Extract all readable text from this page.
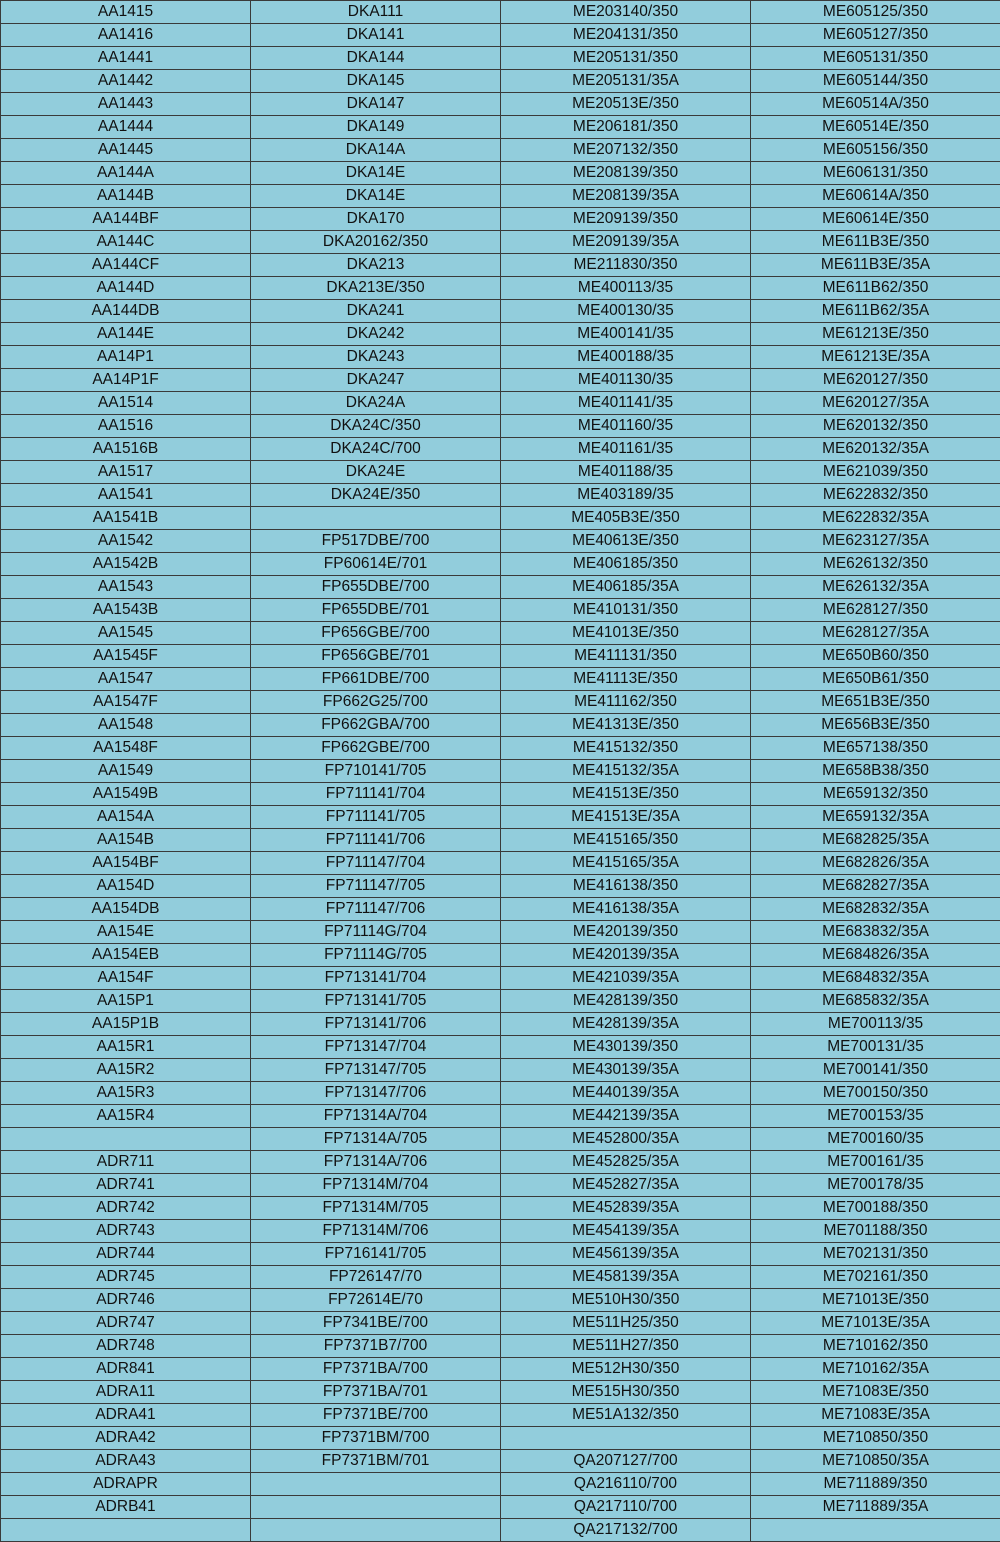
AA1415	DKA111	ME203140/350	ME605125/350
AA1416	DKA141	ME204131/350	ME605127/350
AA1441	DKA144	ME205131/350	ME605131/350
AA1442	DKA145	ME205131/35A	ME605144/350
AA1443	DKA147	ME20513E/350	ME60514A/350
AA1444	DKA149	ME206181/350	ME60514E/350
AA1445	DKA14A	ME207132/350	ME605156/350
AA144A	DKA14E	ME208139/350	ME606131/350
AA144B	DKA14E	ME208139/35A	ME60614A/350
AA144BF	DKA170	ME209139/350	ME60614E/350
AA144C	DKA20162/350	ME209139/35A	ME611B3E/350
AA144CF	DKA213	ME211830/350	ME611B3E/35A
AA144D	DKA213E/350	ME400113/35	ME611B62/350
AA144DB	DKA241	ME400130/35	ME611B62/35A
AA144E	DKA242	ME400141/35	ME61213E/350
AA14P1	DKA243	ME400188/35	ME61213E/35A
AA14P1F	DKA247	ME401130/35	ME620127/350
AA1514	DKA24A	ME401141/35	ME620127/35A
AA1516	DKA24C/350	ME401160/35	ME620132/350
AA1516B	DKA24C/700	ME401161/35	ME620132/35A
AA1517	DKA24E	ME401188/35	ME621039/350
AA1541	DKA24E/350	ME403189/35	ME622832/350
AA1541B		ME405B3E/350	ME622832/35A
AA1542	FP517DBE/700	ME40613E/350	ME623127/35A
AA1542B	FP60614E/701	ME406185/350	ME626132/350
AA1543	FP655DBE/700	ME406185/35A	ME626132/35A
AA1543B	FP655DBE/701	ME410131/350	ME628127/350
AA1545	FP656GBE/700	ME41013E/350	ME628127/35A
AA1545F	FP656GBE/701	ME411131/350	ME650B60/350
AA1547	FP661DBE/700	ME41113E/350	ME650B61/350
AA1547F	FP662G25/700	ME411162/350	ME651B3E/350
AA1548	FP662GBA/700	ME41313E/350	ME656B3E/350
AA1548F	FP662GBE/700	ME415132/350	ME657138/350
AA1549	FP710141/705	ME415132/35A	ME658B38/350
AA1549B	FP711141/704	ME41513E/350	ME659132/350
AA154A	FP711141/705	ME41513E/35A	ME659132/35A
AA154B	FP711141/706	ME415165/350	ME682825/35A
AA154BF	FP711147/704	ME415165/35A	ME682826/35A
AA154D	FP711147/705	ME416138/350	ME682827/35A
AA154DB	FP711147/706	ME416138/35A	ME682832/35A
AA154E	FP71114G/704	ME420139/350	ME683832/35A
AA154EB	FP71114G/705	ME420139/35A	ME684826/35A
AA154F	FP713141/704	ME421039/35A	ME684832/35A
AA15P1	FP713141/705	ME428139/350	ME685832/35A
AA15P1B	FP713141/706	ME428139/35A	ME700113/35
AA15R1	FP713147/704	ME430139/350	ME700131/35
AA15R2	FP713147/705	ME430139/35A	ME700141/350
AA15R3	FP713147/706	ME440139/35A	ME700150/350
AA15R4	FP71314A/704	ME442139/35A	ME700153/35
	FP71314A/705	ME452800/35A	ME700160/35
ADR711	FP71314A/706	ME452825/35A	ME700161/35
ADR741	FP71314M/704	ME452827/35A	ME700178/35
ADR742	FP71314M/705	ME452839/35A	ME700188/350
ADR743	FP71314M/706	ME454139/35A	ME701188/350
ADR744	FP716141/705	ME456139/35A	ME702131/350
ADR745	FP726147/70	ME458139/35A	ME702161/350
ADR746	FP72614E/70	ME510H30/350	ME71013E/350
ADR747	FP7341BE/700	ME511H25/350	ME71013E/35A
ADR748	FP7371B7/700	ME511H27/350	ME710162/350
ADR841	FP7371BA/700	ME512H30/350	ME710162/35A
ADRA11	FP7371BA/701	ME515H30/350	ME71083E/350
ADRA41	FP7371BE/700	ME51A132/350	ME71083E/35A
ADRA42	FP7371BM/700		ME710850/350
ADRA43	FP7371BM/701	QA207127/700	ME710850/35A
ADRAPR		QA216110/700	ME711889/350
ADRB41		QA217110/700	ME711889/35A
		QA217132/700	
